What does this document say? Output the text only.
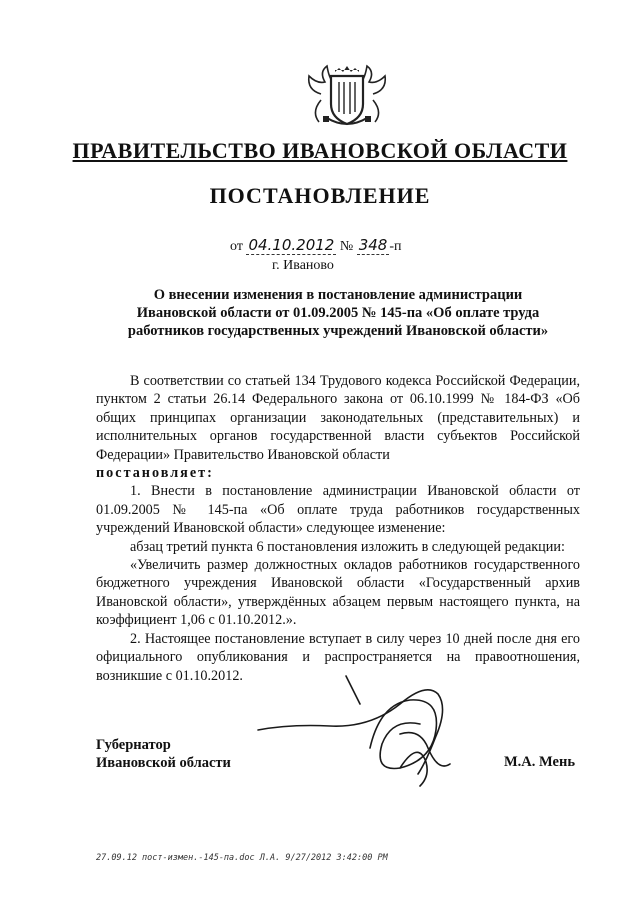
ПРАВИТЕЛЬСТВО ИВАНОВСКОЙ ОБЛАСТИ
ПОСТАНОВЛЕНИЕ
от 04.10.2012 № 348 -п
г. Иваново
О внесении изменения в постановление администрации
Ивановской области от 01.09.2005 № 145-па «Об оплате труда
работников государственных учреждений Ивановской области»

В соответствии со статьей 134 Трудового кодекса Российской Федерации, пунктом 2 статьи 26.14 Федерального закона от 06.10.1999 № 184-ФЗ «Об общих принципах организации законодательных (представительных) и исполнительных органов государственной власти субъектов Российской Федерации» Правительство Ивановской области

постановляет:

1. Внести в постановление администрации Ивановской области от 01.09.2005 № 145-па «Об оплате труда работников государственных учреждений Ивановской области» следующее изменение:

абзац третий пункта 6 постановления изложить в следующей редакции:

«Увеличить размер должностных окладов работников государственного бюджетного учреждения Ивановской области «Государственный архив Ивановской области», утверждённых абзацем первым настоящего пункта, на коэффициент 1,06 с 01.10.2012.».

2. Настоящее постановление вступает в силу через 10 дней после дня его официального опубликования и распространяется на правоотношения, возникшие с 01.10.2012.

Губернатор
Ивановской области	М.А. Мень
27.09.12 пост-измен.-145-па.doc Л.А. 9/27/2012 3:42:00 PM
